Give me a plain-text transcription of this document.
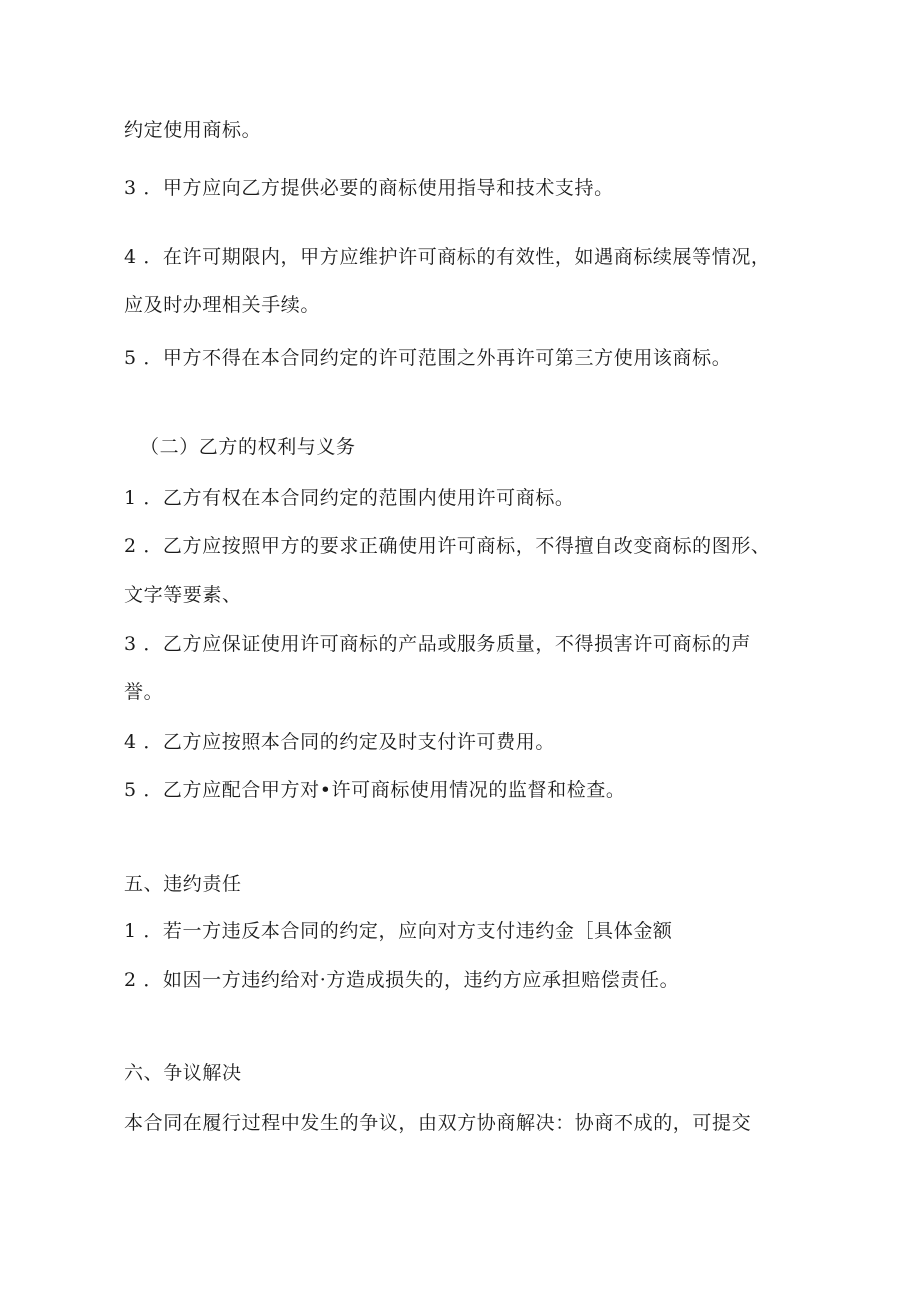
约定使用商标。
3 ．甲方应向乙方提供必要的商标使用指导和技术支持。
4 ．在许可期限内，甲方应维护许可商标的有效性，如遇商标续展等情况，
应及时办理相关手续。
5 ．甲方不得在本合同约定的许可范围之外再许可第三方使用该商标。
（二）乙方的权利与义务
1 ．乙方有权在本合同约定的范围内使用许可商标。
2 ．乙方应按照甲方的要求正确使用许可商标，不得擅自改变商标的图形、
文字等要素、
3 ．乙方应保证使用许可商标的产品或服务质量，不得损害许可商标的声
誉。
4 ．乙方应按照本合同的约定及时支付许可费用。
5 ．乙方应配合甲方对•许可商标使用情况的监督和检查。
五、违约责任
1 ．若一方违反本合同的约定，应向对方支付违约金［具体金额
2 ．如因一方违约给对·方造成损失的，违约方应承担赔偿责任。
六、争议解决
本合同在履行过程中发生的争议，由双方协商解决：协商不成的，可提交
